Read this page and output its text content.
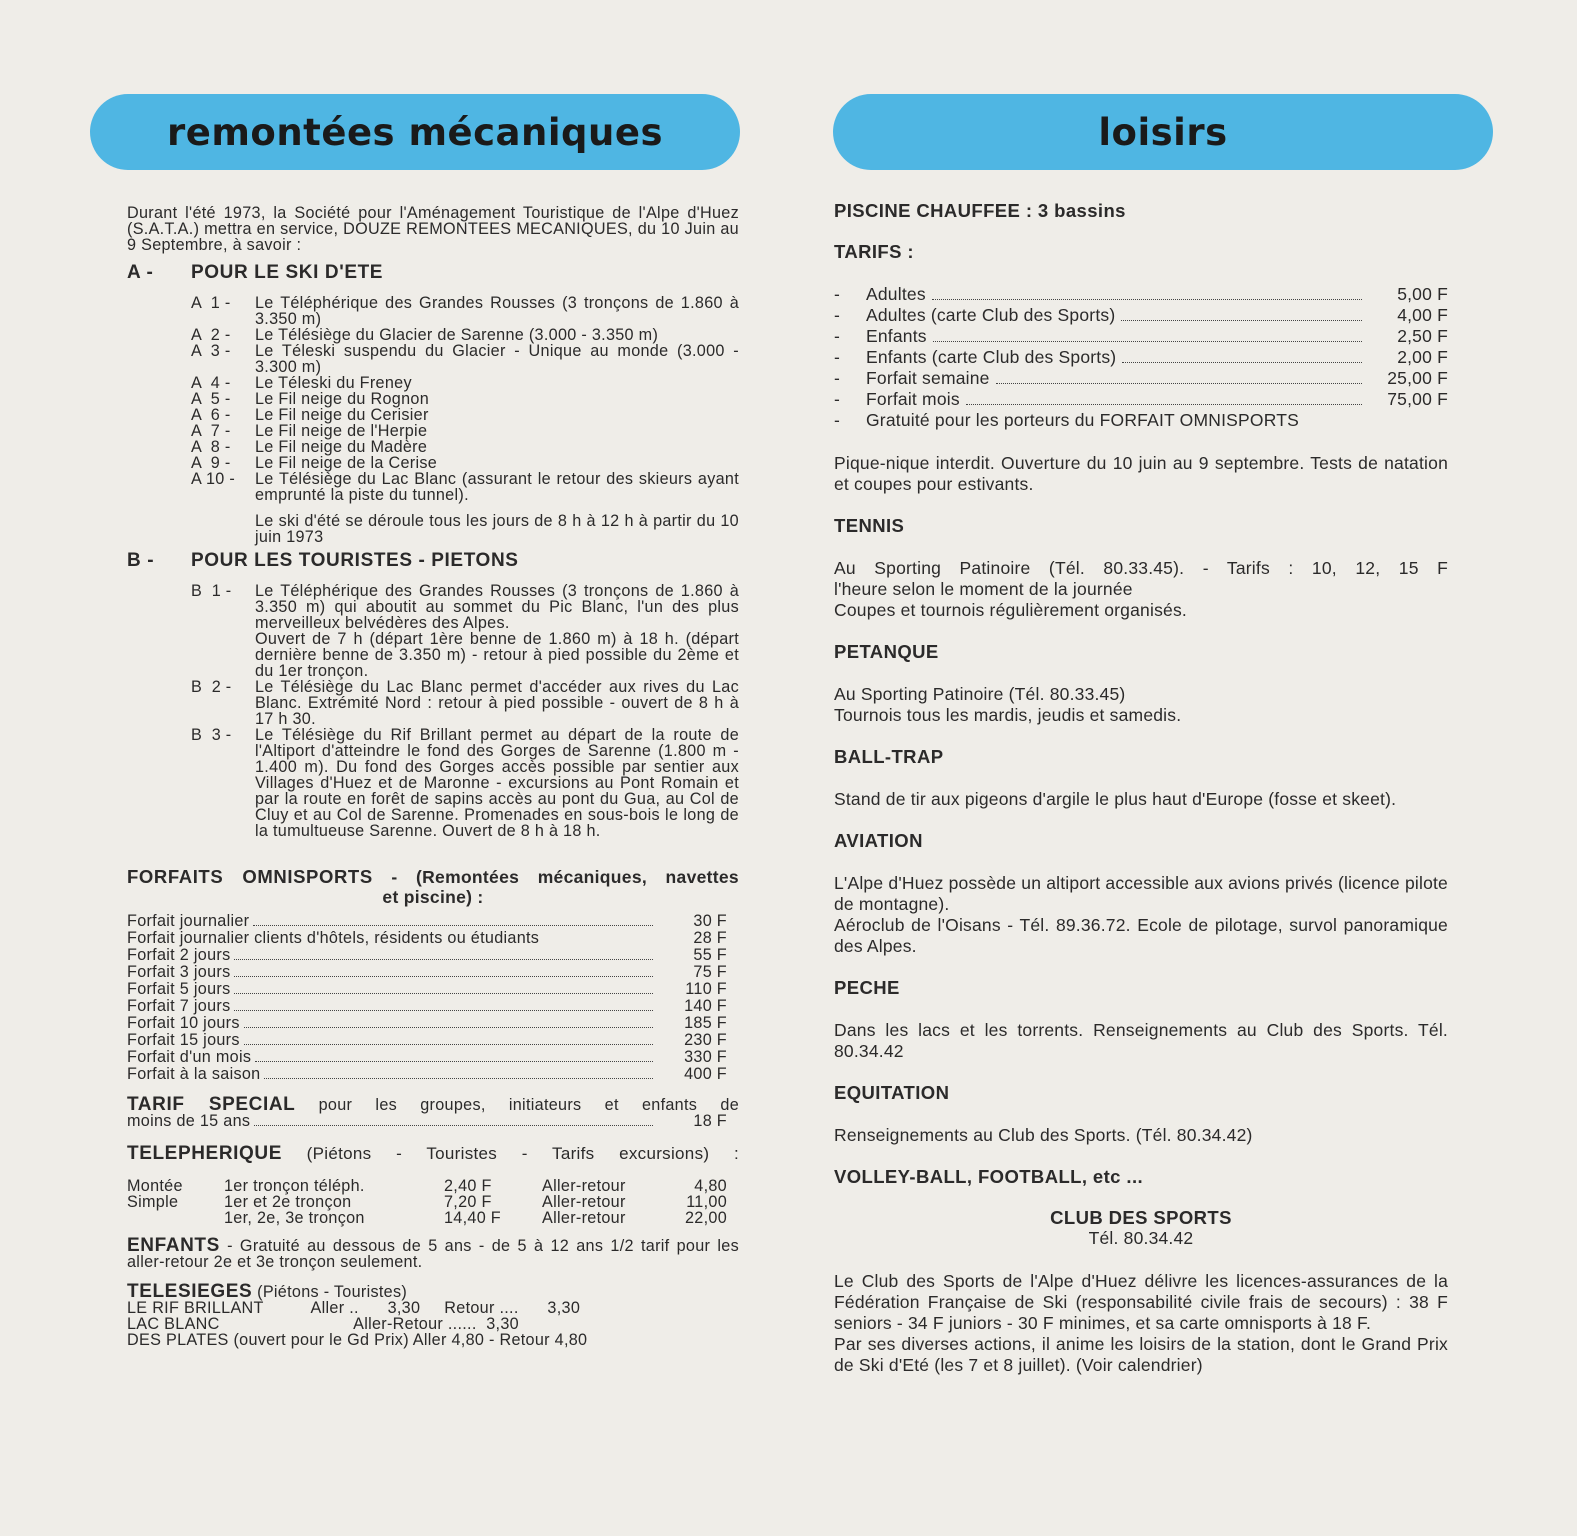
remontées mécaniques	loisirs

Durant l'été 1973, la Société pour l'Aménagement Touristique de l'Alpe d'Huez (S.A.T.A.) mettra en service, DOUZE REMONTEES MECANIQUES, du 10 Juin au 9 Septembre, à savoir :

A -	POUR LE SKI D'ETE
A  1 -	Le Téléphérique des Grandes Rousses (3 tronçons de 1.860 à 3.350 m)
A  2 -	Le Télésiège du Glacier de Sarenne (3.000 - 3.350 m)
A  3 -	Le Téleski suspendu du Glacier - Unique au monde (3.000 - 3.300 m)
A  4 -	Le Téleski du Freney
A  5 -	Le Fil neige du Rognon
A  6 -	Le Fil neige du Cerisier
A  7 -	Le Fil neige de l'Herpie
A  8 -	Le Fil neige du Madère
A  9 -	Le Fil neige de la Cerise
A 10 -	Le Télésiège du Lac Blanc (assurant le retour des skieurs ayant emprunté la piste du tunnel).

Le ski d'été se déroule tous les jours de 8 h à 12 h à partir du 10 juin 1973

B -	POUR LES TOURISTES - PIETONS
B  1 -	Le Téléphérique des Grandes Rousses (3 tronçons de 1.860 à 3.350 m) qui aboutit au sommet du Pic Blanc, l'un des plus merveilleux belvédères des Alpes.
Ouvert de 7 h (départ 1ère benne de 1.860 m) à 18 h. (départ dernière benne de 3.350 m) - retour à pied possible du 2ème et du 1er tronçon.
B  2 -	Le Télésiège du Lac Blanc permet d'accéder aux rives du Lac Blanc. Extrémité Nord : retour à pied possible - ouvert de 8 h à 17 h 30.
B  3 -	Le Télésiège du Rif Brillant permet au départ de la route de l'Altiport d'atteindre le fond des Gorges de Sarenne (1.800 m - 1.400 m). Du fond des Gorges accès possible par sentier aux Villages d'Huez et de Maronne - excursions au Pont Romain et par la route en forêt de sapins accès au pont du Gua, au Col de Cluy et au Col de Sarenne. Promenades en sous-bois le long de la tumultueuse Sarenne. Ouvert de 8 h à 18 h.
FORFAITS OMNISPORTS - (Remontées mécaniques, navettes
et piscine) :
Forfait journalier	30 F
Forfait journalier clients d'hôtels, résidents ou étudiants	28 F
Forfait 2 jours	55 F
Forfait 3 jours	75 F
Forfait 5 jours	110 F
Forfait 7 jours	140 F
Forfait 10 jours	185 F
Forfait 15 jours	230 F
Forfait d'un mois	330 F
Forfait à la saison	400 F
TARIF SPECIAL pour les groupes, initiateurs et enfants de
moins de 15 ans	18 F
TELEPHERIQUE (Piétons - Touristes - Tarifs excursions) :
Montée	1er tronçon téléph.	2,40 F	Aller-retour	4,80
Simple	1er et 2e tronçon	7,20 F	Aller-retour	11,00
	1er, 2e, 3e tronçon	14,40 F	Aller-retour	22,00

ENFANTS - Gratuité au dessous de 5 ans - de 5 à 12 ans 1/2 tarif pour les aller-retour 2e et 3e tronçon seulement.

TELESIEGES (Piétons - Touristes)
LE RIF BRILLANT          Aller ..      3,30     Retour ....      3,30
LAC BLANC                            Aller-Retour ......  3,30
DES PLATES (ouvert pour le Gd Prix) Aller 4,80 - Retour 4,80
PISCINE CHAUFFEE : 3 bassins
TARIFS :
-	Adultes	5,00 F
-	Adultes (carte Club des Sports)	4,00 F
-	Enfants	2,50 F
-	Enfants (carte Club des Sports)	2,00 F
-	Forfait semaine	25,00 F
-	Forfait mois	75,00 F
-	Gratuité pour les porteurs du FORFAIT OMNISPORTS

Pique-nique interdit. Ouverture du 10 juin au 9 septembre. Tests de natation et coupes pour estivants.

TENNIS
Au Sporting Patinoire (Tél. 80.33.45). - Tarifs : 10, 12, 15 F
l'heure selon le moment de la journée
Coupes et tournois régulièrement organisés.
PETANQUE
Au Sporting Patinoire (Tél. 80.33.45)
Tournois tous les mardis, jeudis et samedis.
BALL-TRAP

Stand de tir aux pigeons d'argile le plus haut d'Europe (fosse et skeet).

AVIATION

L'Alpe d'Huez possède un altiport accessible aux avions privés (licence pilote de montagne).

Aéroclub de l'Oisans - Tél. 89.36.72. Ecole de pilotage, survol panoramique des Alpes.

PECHE

Dans les lacs et les torrents. Renseignements au Club des Sports. Tél. 80.34.42

EQUITATION

Renseignements au Club des Sports. (Tél. 80.34.42)

VOLLEY-BALL, FOOTBALL, etc ...
CLUB DES SPORTS
Tél. 80.34.42

Le Club des Sports de l'Alpe d'Huez délivre les licences-assurances de la Fédération Française de Ski (responsabilité civile frais de secours) : 38 F seniors - 34 F juniors - 30 F minimes, et sa carte omnisports à 18 F.

Par ses diverses actions, il anime les loisirs de la station, dont le Grand Prix de Ski d'Eté (les 7 et 8 juillet). (Voir calendrier)
